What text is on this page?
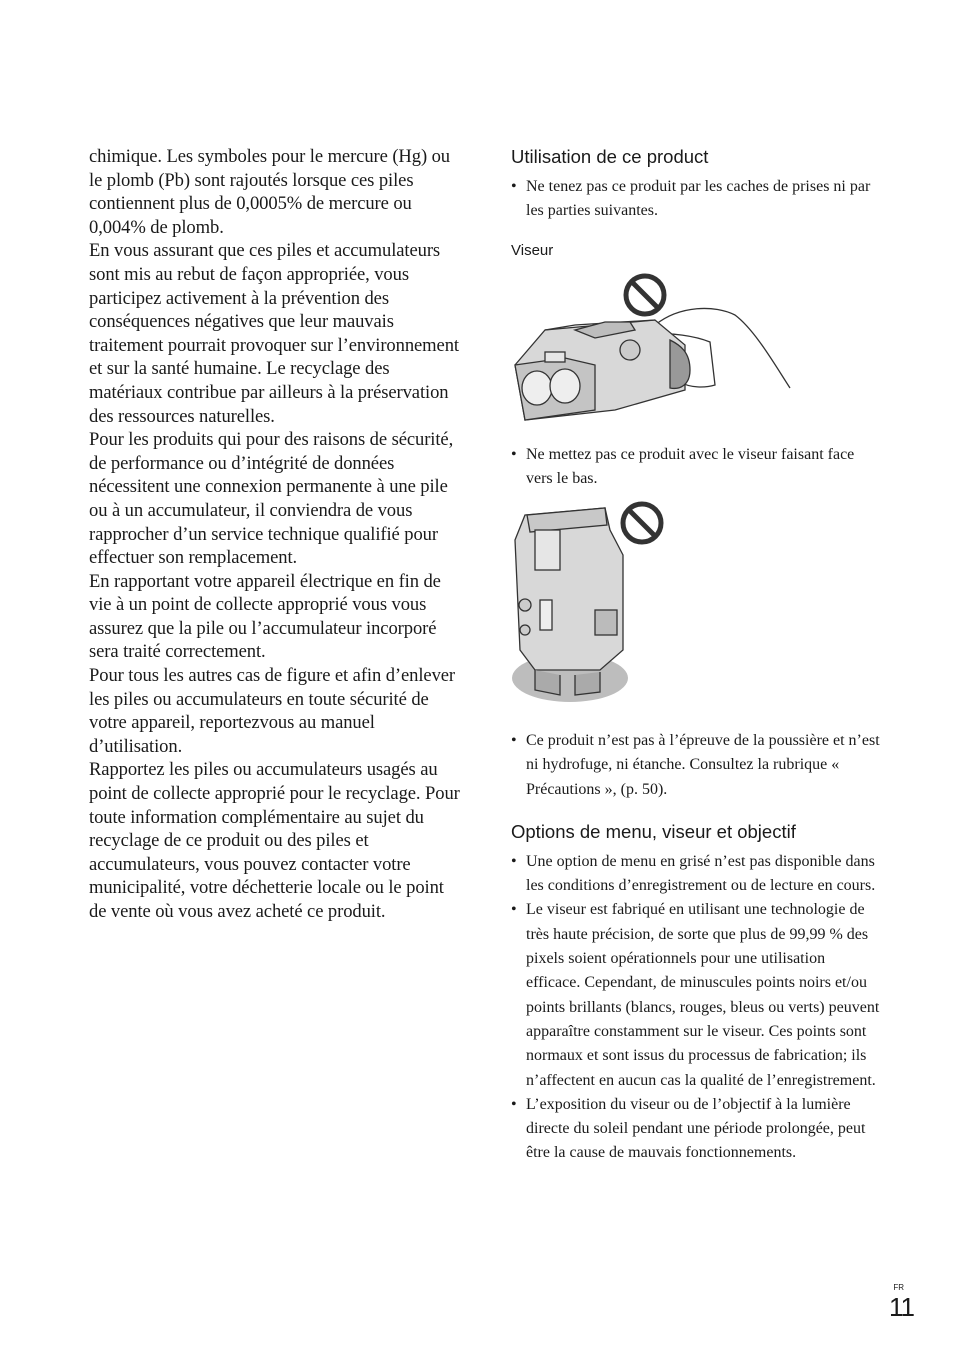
chimique. Les symboles pour le mercure (Hg) ou le plomb (Pb) sont rajoutés lorsque ces piles contiennent plus de 0,0005% de mercure ou 0,004% de plomb.

En vous assurant que ces piles et accumulateurs sont mis au rebut de façon appropriée, vous participez activement à la prévention des conséquences négatives que leur mauvais traitement pourrait provoquer sur l’environnement et sur la santé humaine. Le recyclage des matériaux contribue par ailleurs à la préservation des ressources naturelles.

Pour les produits qui pour des raisons de sécurité, de performance ou d’intégrité de données nécessitent une connexion permanente à une pile ou à un accumulateur, il conviendra de vous rapprocher d’un service technique qualifié pour effectuer son remplacement.

En rapportant votre appareil électrique en fin de vie à un point de collecte approprié vous vous assurez que la pile ou l’accumulateur incorporé sera traité correctement.

Pour tous les autres cas de figure et afin d’enlever les piles ou accumulateurs en toute sécurité de votre appareil, reportezvous au manuel d’utilisation.

Rapportez les piles ou accumulateurs usagés au point de collecte approprié pour le recyclage. Pour toute information complémentaire au sujet du recyclage de ce produit ou des piles et accumulateurs, vous pouvez contacter votre municipalité, votre déchetterie locale ou le point de vente où vous avez acheté ce produit.

Utilisation de ce product

• Ne tenez pas ce produit par les caches de prises ni par les parties suivantes.

Viseur

• Ne mettez pas ce produit avec le viseur faisant face vers le bas.

• Ce produit n’est pas à l’épreuve de la poussière et n’est ni hydrofuge, ni étanche. Consultez la rubrique « Précautions », (p. 50).

Options de menu, viseur et objectif

• Une option de menu en grisé n’est pas disponible dans les conditions d’enregistrement ou de lecture en cours.

• Le viseur est fabriqué en utilisant une technologie de très haute précision, de sorte que plus de 99,99 % des pixels soient opérationnels pour une utilisation efficace. Cependant, de minuscules points noirs et/ou points brillants (blancs, rouges, bleus ou verts) peuvent apparaître constamment sur le viseur. Ces points sont normaux et sont issus du processus de fabrication; ils n’affectent en aucun cas la qualité de l’enregistrement.

• L’exposition du viseur ou de l’objectif à la lumière directe du soleil pendant une période prolongée, peut être la cause de mauvais fonctionnements.

FR
11
